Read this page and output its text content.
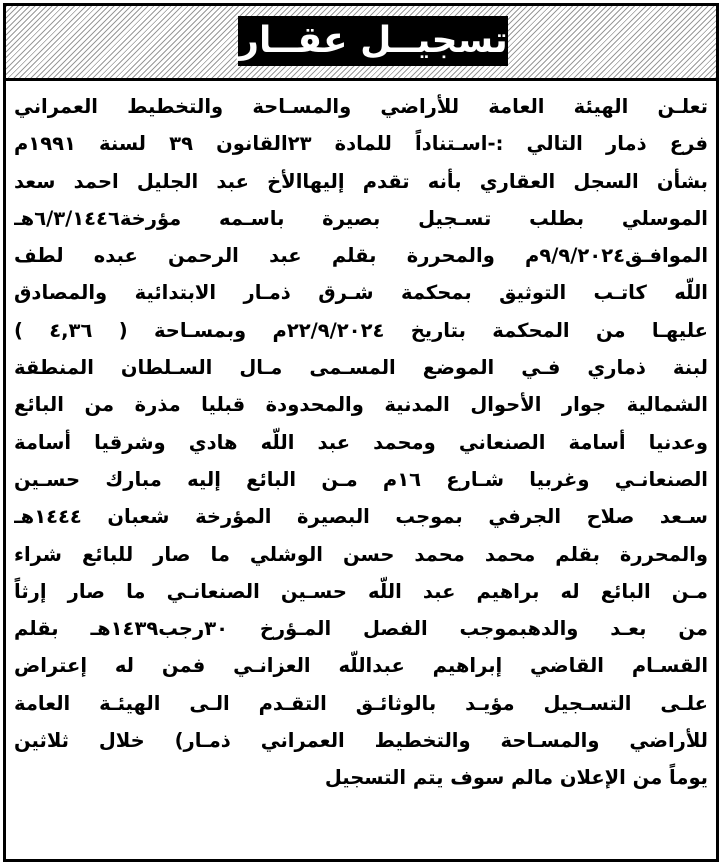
تسجيــل عقــار
تعلـن الهيئة العامة للأراضي والمسـاحة والتخطيط العمراني
فرع ذمار التالي :-اسـتناداً للمادة ٢٣القانون ٣٩ لسنة ١٩٩١م
بشأن السجل العقاري بأنه تقدم إليهاالأخ عبد الجليل احمد سعد
الموسلي بطلب تسـجيل بصيرة باسـمه مؤرخة٦/٣/١٤٤٦هـ
الموافـق٩/٩/٢٠٢٤م والمحررة بقلم عبد الرحمن عبده لطف
اللّه كاتـب التوثيق بمحكمة شـرق ذمـار الابتدائية والمصادق
عليهـا من المحكمة بتاريخ ٢٢/٩/٢٠٢٤م وبمسـاحة ( ٤,٣٦ )
لبنة ذماري فـي الموضع المسـمى مـال السـلطان المنطقة
الشمالية جوار الأحوال المدنية والمحدودة قبليا مذرة من البائع
وعدنيا أسامة الصنعاني ومحمد عبد اللّه هادي وشرقيا أسامة
الصنعانـي وغربيا شـارع ١٦م مـن البائع إليه مبارك حسـين
سـعد صلاح الجرفي بموجب البصيرة المؤرخة شعبان ١٤٤٤هـ
والمحررة بقلم محمد محمد حسن الوشلي ما صار للبائع شراء
مـن البائع له براهيم عبد اللّه حسـين الصنعانـي ما صار إرثاً
من بعـد والدهبموجب الفصل المـؤرخ ٣٠رجب١٤٣٩هـ بقلم
القسـام القاضي إبراهيم عبداللّه العزانـي فمن له إعتراض
علـى التسـجيل مؤيـد بالوثائـق التقـدم الـى الهيئـة العامة
للأراضي والمسـاحة والتخطيط العمراني ذمـار) خلال ثلاثين
يوماً من الإعلان مالم سوف يتم التسجيل
